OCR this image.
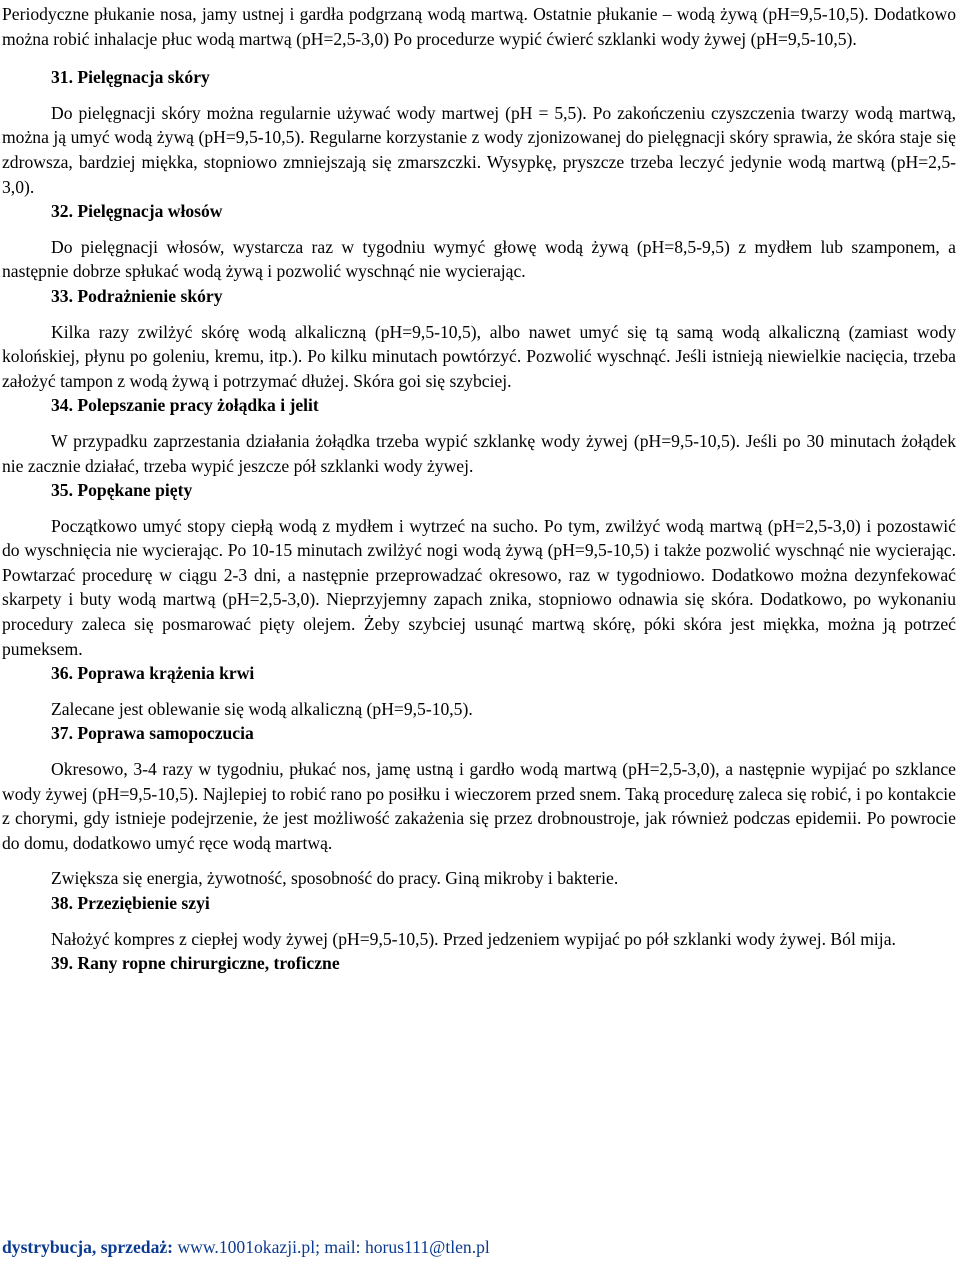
Periodyczne płukanie nosa, jamy ustnej i gardła podgrzaną wodą martwą. Ostatnie płukanie – wodą żywą (pH=9,5-10,5). Dodatkowo można robić inhalacje płuc wodą martwą (pH=2,5-3,0) Po procedurze wypić ćwierć szklanki wody żywej (pH=9,5-10,5).

31. Pielęgnacja skóry

Do pielęgnacji skóry można regularnie używać wody martwej (pH = 5,5). Po zakończeniu czyszczenia twarzy wodą martwą, można ją umyć wodą żywą (pH=9,5-10,5). Regularne korzystanie z wody zjonizowanej do pielęgnacji skóry sprawia, że skóra staje się zdrowsza, bardziej miękka, stopniowo zmniejszają się zmarszczki. Wysypkę, pryszcze trzeba leczyć jedynie wodą martwą (pH=2,5-3,0).

32. Pielęgnacja włosów

Do pielęgnacji włosów, wystarcza raz w tygodniu wymyć głowę wodą żywą (pH=8,5-9,5) z mydłem lub szamponem, a następnie dobrze spłukać wodą żywą i pozwolić wyschnąć nie wycierając.

33. Podrażnienie skóry

Kilka razy zwilżyć skórę wodą alkaliczną (pH=9,5-10,5), albo nawet umyć się tą samą wodą alkaliczną (zamiast wody kolońskiej, płynu po goleniu, kremu, itp.). Po kilku minutach powtórzyć. Pozwolić wyschnąć. Jeśli istnieją niewielkie nacięcia, trzeba założyć tampon z wodą żywą i potrzymać dłużej. Skóra goi się szybciej.

34. Polepszanie pracy żołądka i jelit

W przypadku zaprzestania działania żołądka trzeba wypić szklankę wody żywej (pH=9,5-10,5). Jeśli po 30 minutach żołądek nie zacznie działać, trzeba wypić jeszcze pół szklanki wody żywej.

35. Popękane pięty

Początkowo umyć stopy ciepłą wodą z mydłem i wytrzeć na sucho. Po tym, zwilżyć wodą martwą (pH=2,5-3,0) i pozostawić do wyschnięcia nie wycierając. Po 10-15 minutach zwilżyć nogi wodą żywą (pH=9,5-10,5) i także pozwolić wyschnąć nie wycierając. Powtarzać procedurę w ciągu 2-3 dni, a następnie przeprowadzać okresowo, raz w tygodniowo. Dodatkowo można dezynfekować skarpety i buty wodą martwą (pH=2,5-3,0). Nieprzyjemny zapach znika, stopniowo odnawia się skóra. Dodatkowo, po wykonaniu procedury zaleca się posmarować pięty olejem. Żeby szybciej usunąć martwą skórę, póki skóra jest miękka, można ją potrzeć pumeksem.

36. Poprawa krążenia krwi

Zalecane jest oblewanie się wodą alkaliczną (pH=9,5-10,5).

37. Poprawa samopoczucia

Okresowo, 3-4 razy w tygodniu, płukać nos, jamę ustną i gardło wodą martwą (pH=2,5-3,0), a następnie wypijać po szklance wody żywej (pH=9,5-10,5). Najlepiej to robić rano po posiłku i wieczorem przed snem. Taką procedurę zaleca się robić, i po kontakcie z chorymi, gdy istnieje podejrzenie, że jest możliwość zakażenia się przez drobnoustroje, jak również podczas epidemii. Po powrocie do domu, dodatkowo umyć ręce wodą martwą.

Zwiększa się energia, żywotność, sposobność do pracy. Giną mikroby i bakterie.

38. Przeziębienie szyi

Nałożyć kompres z ciepłej wody żywej (pH=9,5-10,5). Przed jedzeniem wypijać po pół szklanki wody żywej. Ból mija.

39. Rany ropne chirurgiczne, troficzne

dystrybucja, sprzedaż: www.1001okazji.pl; mail: horus111@tlen.pl
